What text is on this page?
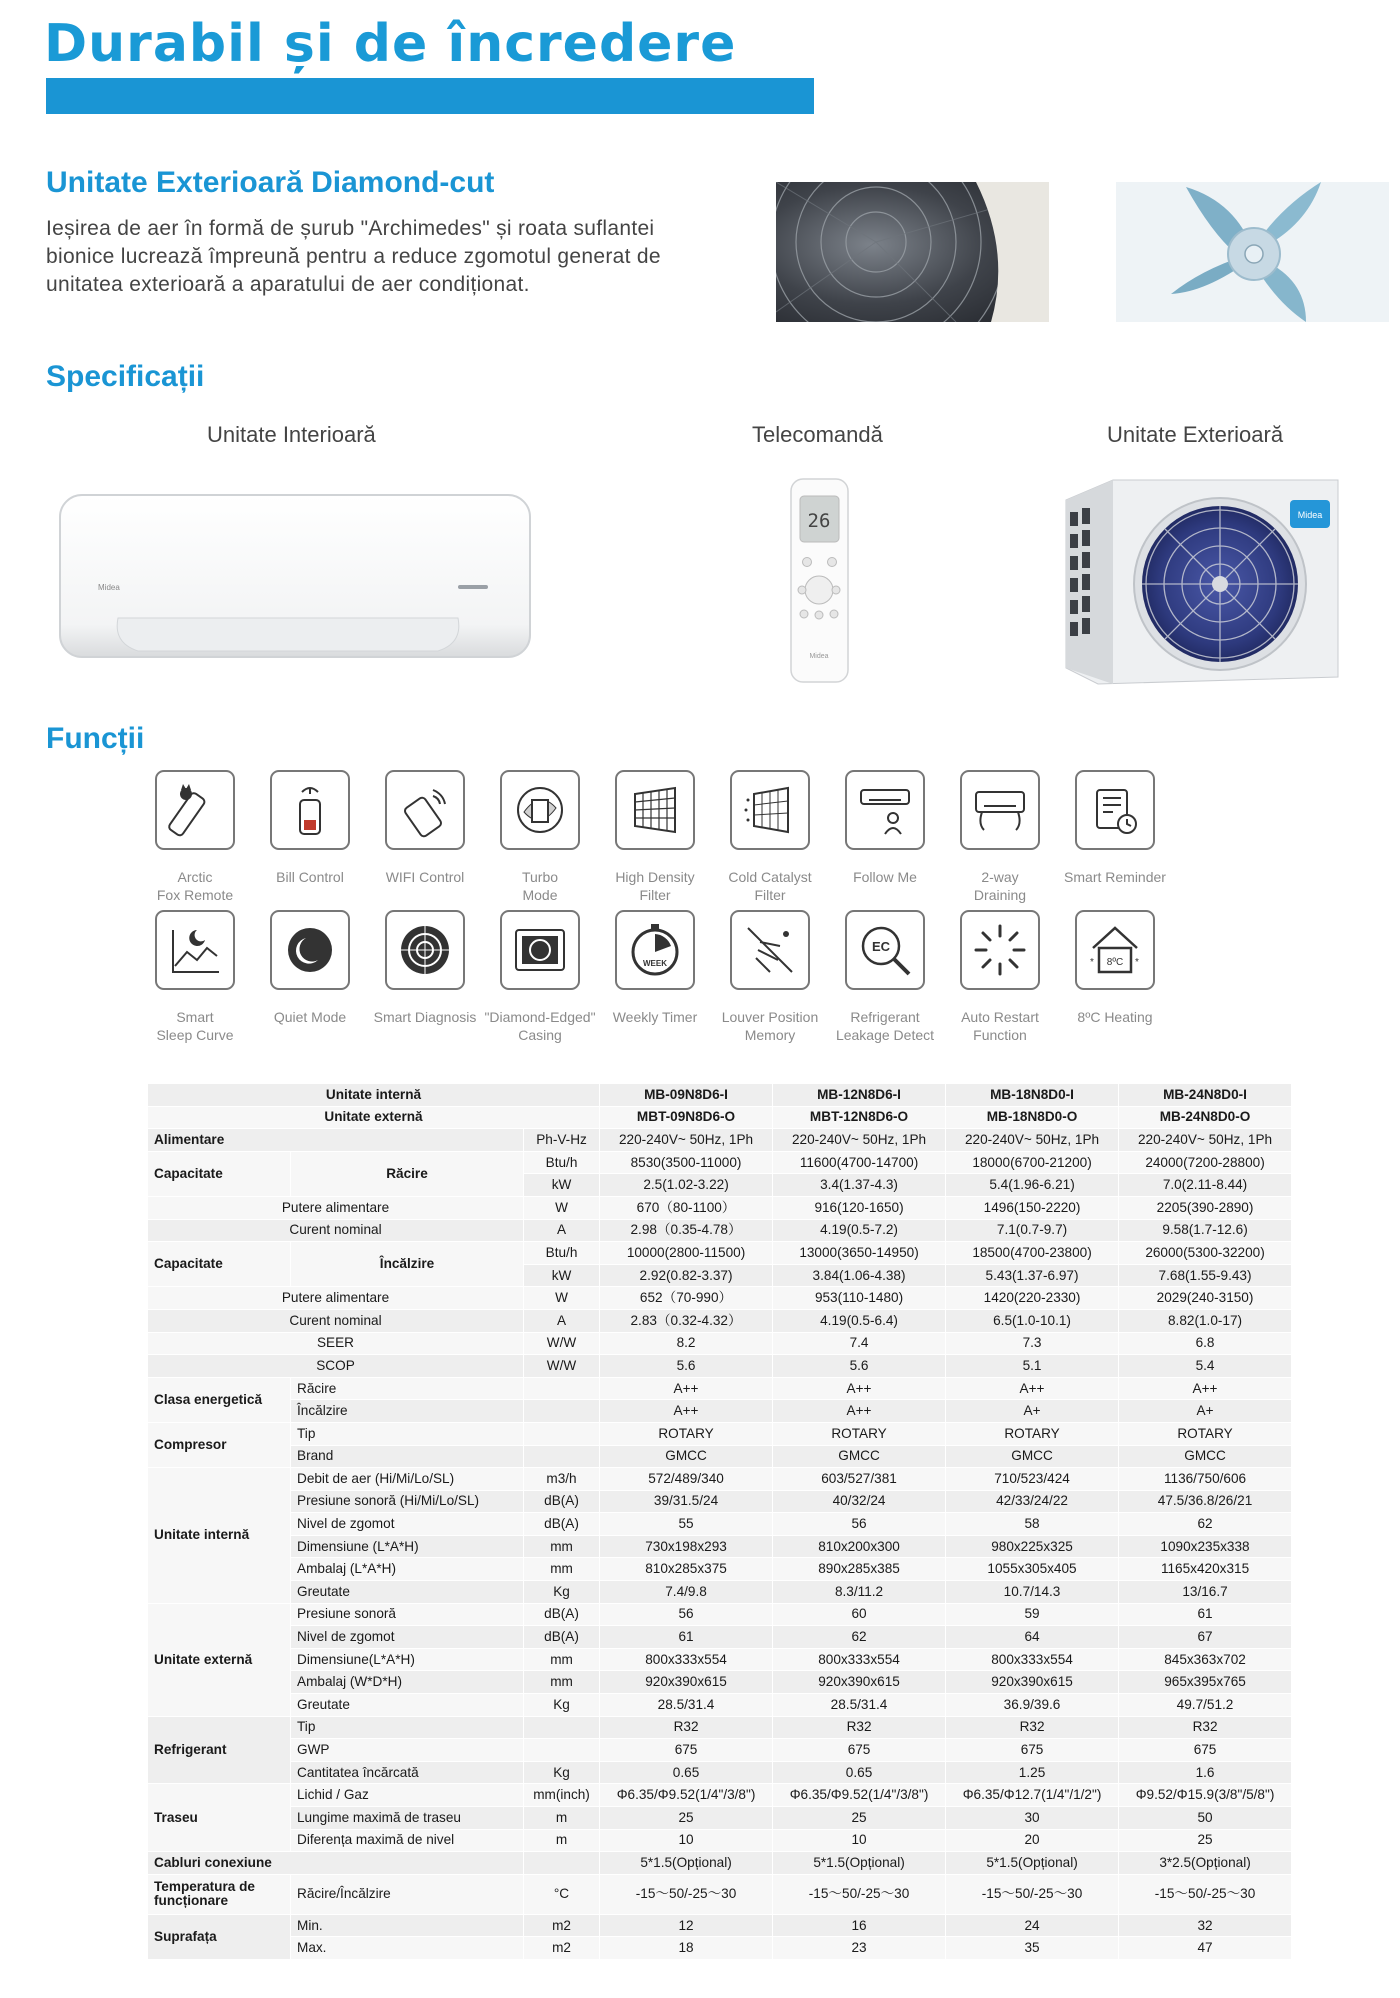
Durabil și de încredere
Unitate Exterioară Diamond-cut
Ieșirea de aer în formă de șurub "Archimedes" și roata suflantei bionice lucrează împreună pentru a reduce zgomotul generat de unitatea exterioară a aparatului de aer condiționat.
Specificații
Unitate Interioară	Telecomandă	Unitate Exterioară
Midea
26
Midea
Midea
Funcții
Arctic
Fox Remote
Bill Control	WIFI Control	Turbo
Mode
High Density
Filter
Cold Catalyst
Filter
Follow Me	2-way
Draining
Smart Reminder
Smart
Sleep Curve
Quiet Mode	Smart Diagnosis "Diamond-Edged"
Casing
WEEK
Weekly Timer	Louver Position
Memory
EC
Refrigerant
Leakage Detect
Auto Restart
Function
8ºC
*	*
8ºC Heating
Unitate internă			MB-09N8D6-I	MB-12N8D6-I	MB-18N8D0-I	MB-24N8D0-I
Unitate externă			MBT-09N8D6-O	MBT-12N8D6-O	MB-18N8D0-O	MB-24N8D0-O
Alimentare		Ph-V-Hz	220-240V~ 50Hz, 1Ph	220-240V~ 50Hz, 1Ph	220-240V~ 50Hz, 1Ph	220-240V~ 50Hz, 1Ph
Capacitate	Răcire	Btu/h	8530(3500-11000)	11600(4700-14700)	18000(6700-21200)	24000(7200-28800)
		kW	2.5(1.02-3.22)	3.4(1.37-4.3)	5.4(1.96-6.21)	7.0(2.11-8.44)
Putere alimentare		W	670（80-1100）	916(120-1650)	1496(150-2220)	2205(390-2890)
Curent nominal		A	2.98（0.35-4.78）	4.19(0.5-7.2)	7.1(0.7-9.7)	9.58(1.7-12.6)
Capacitate	Încălzire	Btu/h	10000(2800-11500)	13000(3650-14950)	18500(4700-23800)	26000(5300-32200)
		kW	2.92(0.82-3.37)	3.84(1.06-4.38)	5.43(1.37-6.97)	7.68(1.55-9.43)
Putere alimentare		W	652（70-990）	953(110-1480)	1420(220-2330)	2029(240-3150)
Curent nominal		A	2.83（0.32-4.32）	4.19(0.5-6.4)	6.5(1.0-10.1)	8.82(1.0-17)
SEER		W/W	8.2	7.4	7.3	6.8
SCOP		W/W	5.6	5.6	5.1	5.4
Clasa energetică	Răcire		A++	A++	A++	A++
	Încălzire		A++	A++	A+	A+
Compresor	Tip		ROTARY	ROTARY	ROTARY	ROTARY
	Brand		GMCC	GMCC	GMCC	GMCC
Unitate internă	Debit de aer (Hi/Mi/Lo/SL)	m3/h	572/489/340	603/527/381	710/523/424	1136/750/606
	Presiune sonoră (Hi/Mi/Lo/SL)	dB(A)	39/31.5/24	40/32/24	42/33/24/22	47.5/36.8/26/21
	Nivel de zgomot	dB(A)	55	56	58	62
	Dimensiune (L*A*H)	mm	730x198x293	810x200x300	980x225x325	1090x235x338
	Ambalaj (L*A*H)	mm	810x285x375	890x285x385	1055x305x405	1165x420x315
	Greutate	Kg	7.4/9.8	8.3/11.2	10.7/14.3	13/16.7
Unitate externă	Presiune sonoră	dB(A)	56	60	59	61
	Nivel de zgomot	dB(A)	61	62	64	67
	Dimensiune(L*A*H)	mm	800x333x554	800x333x554	800x333x554	845x363x702
	Ambalaj (W*D*H)	mm	920x390x615	920x390x615	920x390x615	965x395x765
	Greutate	Kg	28.5/31.4	28.5/31.4	36.9/39.6	49.7/51.2
Refrigerant	Tip		R32	R32	R32	R32
	GWP		675	675	675	675
	Cantitatea încărcată	Kg	0.65	0.65	1.25	1.6
Traseu	Lichid / Gaz	mm(inch)	Φ6.35/Φ9.52(1/4"/3/8")	Φ6.35/Φ9.52(1/4"/3/8")	Φ6.35/Φ12.7(1/4"/1/2")	Φ9.52/Φ15.9(3/8"/5/8")
	Lungime maximă de traseu	m	25	25	30	50
	Diferența maximă de nivel	m	10	10	20	25
Cabluri conexiune			5*1.5(Opțional)	5*1.5(Opțional)	5*1.5(Opțional)	3*2.5(Opțional)
Temperatura de funcționare	Răcire/Încălzire	°C	-15～50/-25～30	-15～50/-25～30	-15～50/-25～30	-15～50/-25～30
Suprafața	Min.	m2	12	16	24	32
	Max.	m2	18	23	35	47
